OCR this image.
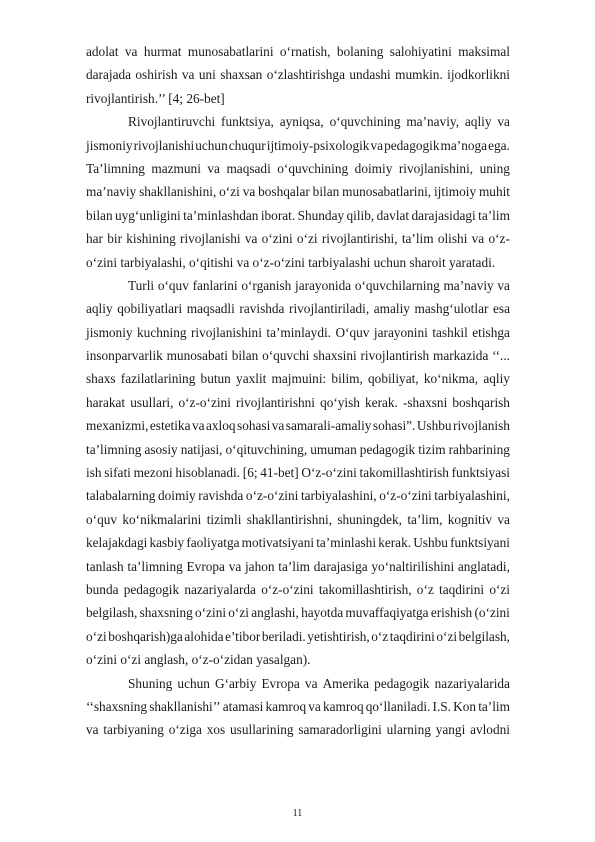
adolat va hurmat munosabatlarini o‘rnatish, bolaning salohiyatini maksimal
darajada oshirish va uni shaxsan o‘zlashtirishga undashi mumkin. ijodkorlikni
rivojlantirish.’’ [4; 26-bet]
Rivojlantiruvchi funktsiya, ayniqsa, o‘quvchining ma’naviy, aqliy va
jismoniy rivojlanishi uchun chuqur ijtimoiy-psixologik va pedagogik ma’noga ega.
Ta’limning mazmuni va maqsadi o‘quvchining doimiy rivojlanishini, uning
ma’naviy shakllanishini, o‘zi va boshqalar bilan munosabatlarini, ijtimoiy muhit
bilan uyg‘unligini ta’minlashdan iborat. Shunday qilib, davlat darajasidagi ta’lim
har bir kishining rivojlanishi va o‘zini o‘zi rivojlantirishi, ta’lim olishi va o‘z-
o‘zini tarbiyalashi, o‘qitishi va o‘z-o‘zini tarbiyalashi uchun sharoit yaratadi.
Turli o‘quv fanlarini o‘rganish jarayonida o‘quvchilarning ma’naviy va
aqliy qobiliyatlari maqsadli ravishda rivojlantiriladi, amaliy mashg‘ulotlar esa
jismoniy kuchning rivojlanishini ta’minlaydi. O‘quv jarayonini tashkil etishga
insonparvarlik munosabati bilan o‘quvchi shaxsini rivojlantirish markazida ‘‘...
shaxs fazilatlarining butun yaxlit majmuini: bilim, qobiliyat, ko‘nikma, aqliy
harakat usullari, o‘z-o‘zini rivojlantirishni qo‘yish kerak. -shaxsni boshqarish
mexanizmi, estetika va axloq sohasi va samarali-amaliy sohasi”. Ushbu rivojlanish
ta’limning asosiy natijasi, o‘qituvchining, umuman pedagogik tizim rahbarining
ish sifati mezoni hisoblanadi. [6; 41-bet] O‘z-o‘zini takomillashtirish funktsiyasi
talabalarning doimiy ravishda o‘z-o‘zini tarbiyalashini, o‘z-o‘zini tarbiyalashini,
o‘quv ko‘nikmalarini tizimli shakllantirishni, shuningdek, ta’lim, kognitiv va
kelajakdagi kasbiy faoliyatga motivatsiyani ta’minlashi kerak. Ushbu funktsiyani
tanlash ta’limning Evropa va jahon ta’lim darajasiga yo‘naltirilishini anglatadi,
bunda pedagogik nazariyalarda o‘z-o‘zini takomillashtirish, o‘z taqdirini o‘zi
belgilash, shaxsning o‘zini o‘zi anglashi, hayotda muvaffaqiyatga erishish (o‘zini
o‘zi boshqarish)ga alohida e’tibor beriladi. yetishtirish, o‘z taqdirini o‘zi belgilash,
o‘zini o‘zi anglash, o‘z-o‘zidan yasalgan).
Shuning uchun G‘arbiy Evropa va Amerika pedagogik nazariyalarida
‘‘shaxsning shakllanishi’’ atamasi kamroq va kamroq qo‘llaniladi. I.S. Kon ta’lim
va tarbiyaning o‘ziga xos usullarining samaradorligini ularning yangi avlodni
11
